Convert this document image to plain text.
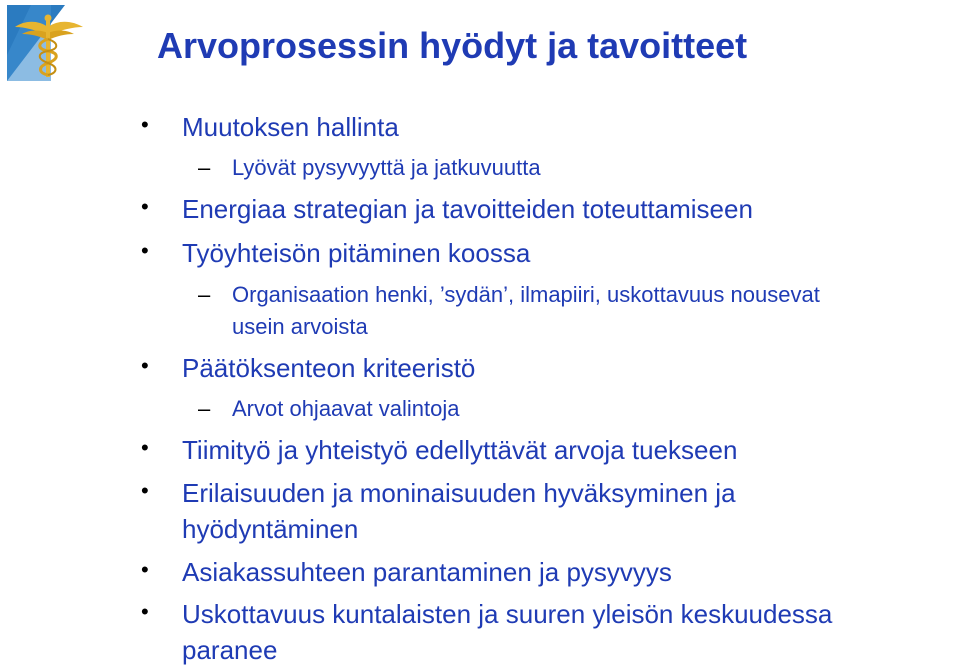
Arvoprosessin hyödyt ja tavoitteet
• Muutoksen hallinta
– Lyövät pysyvyyttä ja jatkuvuutta
• Energiaa strategian ja tavoitteiden toteuttamiseen
• Työyhteisön pitäminen koossa
– Organisaation henki, ’sydän’, ilmapiiri, uskottavuus nousevat
usein arvoista
• Päätöksenteon kriteeristö
– Arvot ohjaavat valintoja
• Tiimityö ja yhteistyö edellyttävät arvoja tuekseen
• Erilaisuuden ja moninaisuuden hyväksyminen ja
hyödyntäminen
• Asiakassuhteen parantaminen ja pysyvyys
• Uskottavuus kuntalaisten ja suuren yleisön keskuudessa
paranee
